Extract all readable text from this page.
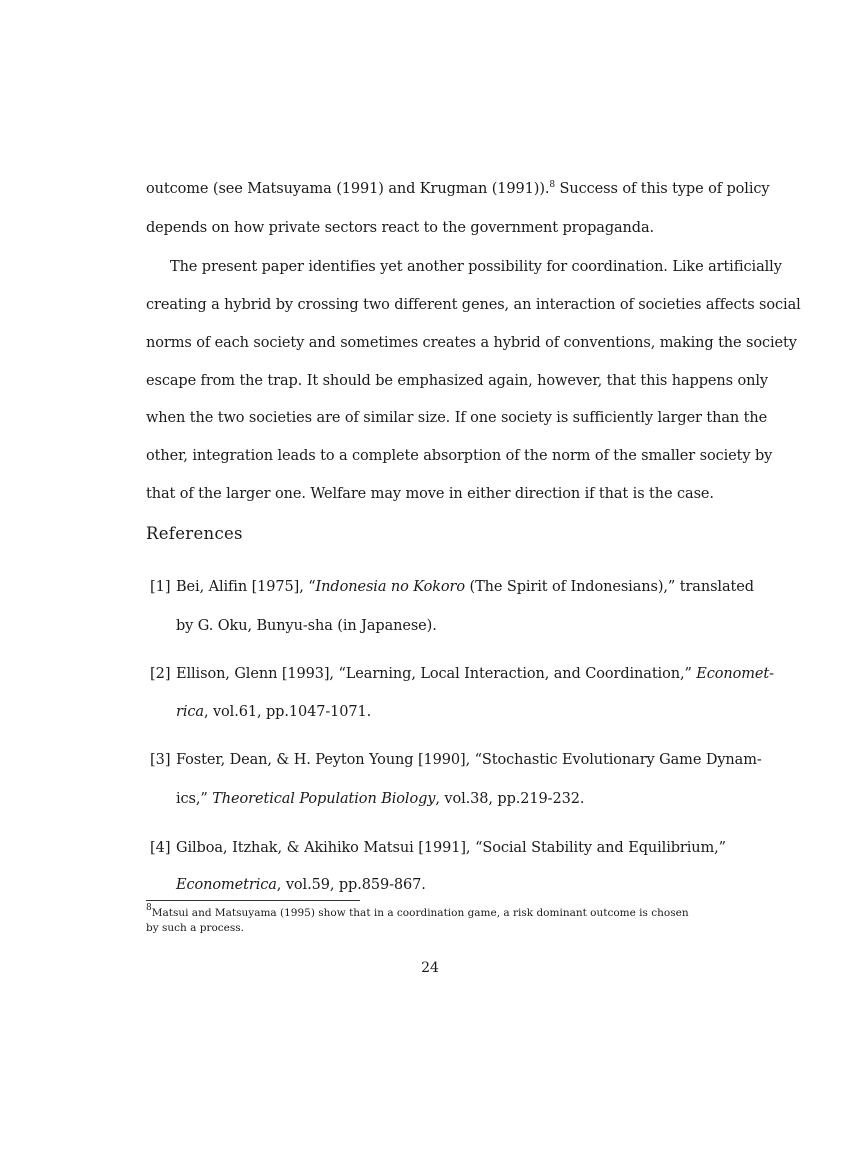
outcome (see Matsuyama (1991) and Krugman (1991)).$^8$ Success of this type of policy
depends on how private sectors react to the government propaganda.
The present paper identifies yet another possibility for coordination. Like artificially
creating a hybrid by crossing two different genes, an interaction of societies affects social
norms of each society and sometimes creates a hybrid of conventions, making the society
escape from the trap. It should be emphasized again, however, that this happens only
when the two societies are of similar size. If one society is sufficiently larger than the
other, integration leads to a complete absorption of the norm of the smaller society by
that of the larger one. Welfare may move in either direction if that is the case.
References
[1] Bei, Alifin [1975], “Indonesia no Kokoro (The Spirit of Indonesians),” translated
by G. Oku, Bunyu-sha (in Japanese).
[2] Ellison, Glenn [1993], “Learning, Local Interaction, and Coordination,” Economet-
rica, vol.61, pp.1047-1071.
[3] Foster, Dean, & H. Peyton Young [1990], “Stochastic Evolutionary Game Dynam-
ics,” Theoretical Population Biology, vol.38, pp.219-232.
[4] Gilboa, Itzhak, & Akihiko Matsui [1991], “Social Stability and Equilibrium,”
Econometrica, vol.59, pp.859-867.
$^8$Matsui and Matsuyama (1995) show that in a coordination game, a risk dominant outcome is chosen
by such a process.
24
